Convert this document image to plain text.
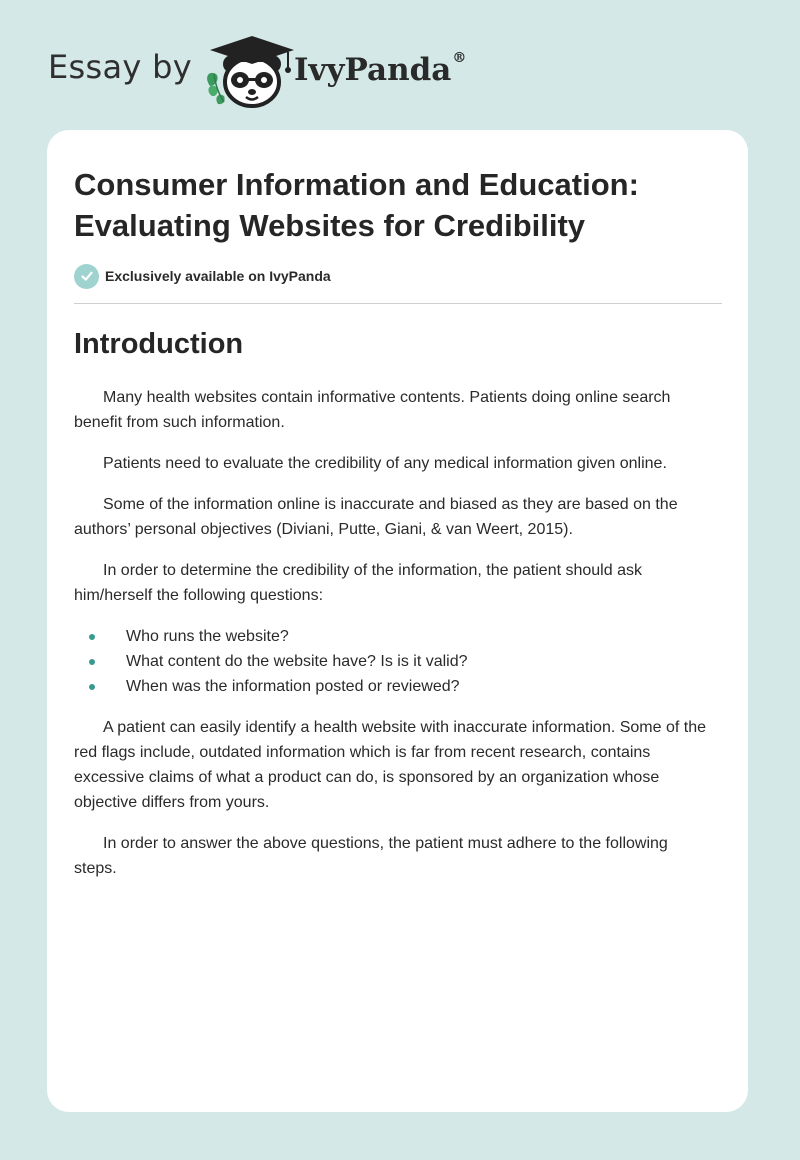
Essay by	IvyPanda®
Consumer Information and Education: Evaluating Websites for Credibility
Exclusively available on IvyPanda
Introduction

Many health websites contain informative contents. Patients doing online search benefit from such information.

Patients need to evaluate the credibility of any medical information given online.

Some of the information online is inaccurate and biased as they are based on the authors’ personal objectives (Diviani, Putte, Giani, & van Weert, 2015).

In order to determine the credibility of the information, the patient should ask him/herself the following questions:

Who runs the website?
What content do the website have? Is is it valid?
When was the information posted or reviewed?

A patient can easily identify a health website with inaccurate information. Some of the red flags include, outdated information which is far from recent research, contains excessive claims of what a product can do, is sponsored by an organization whose objective differs from yours.

In order to answer the above questions, the patient must adhere to the following steps.
